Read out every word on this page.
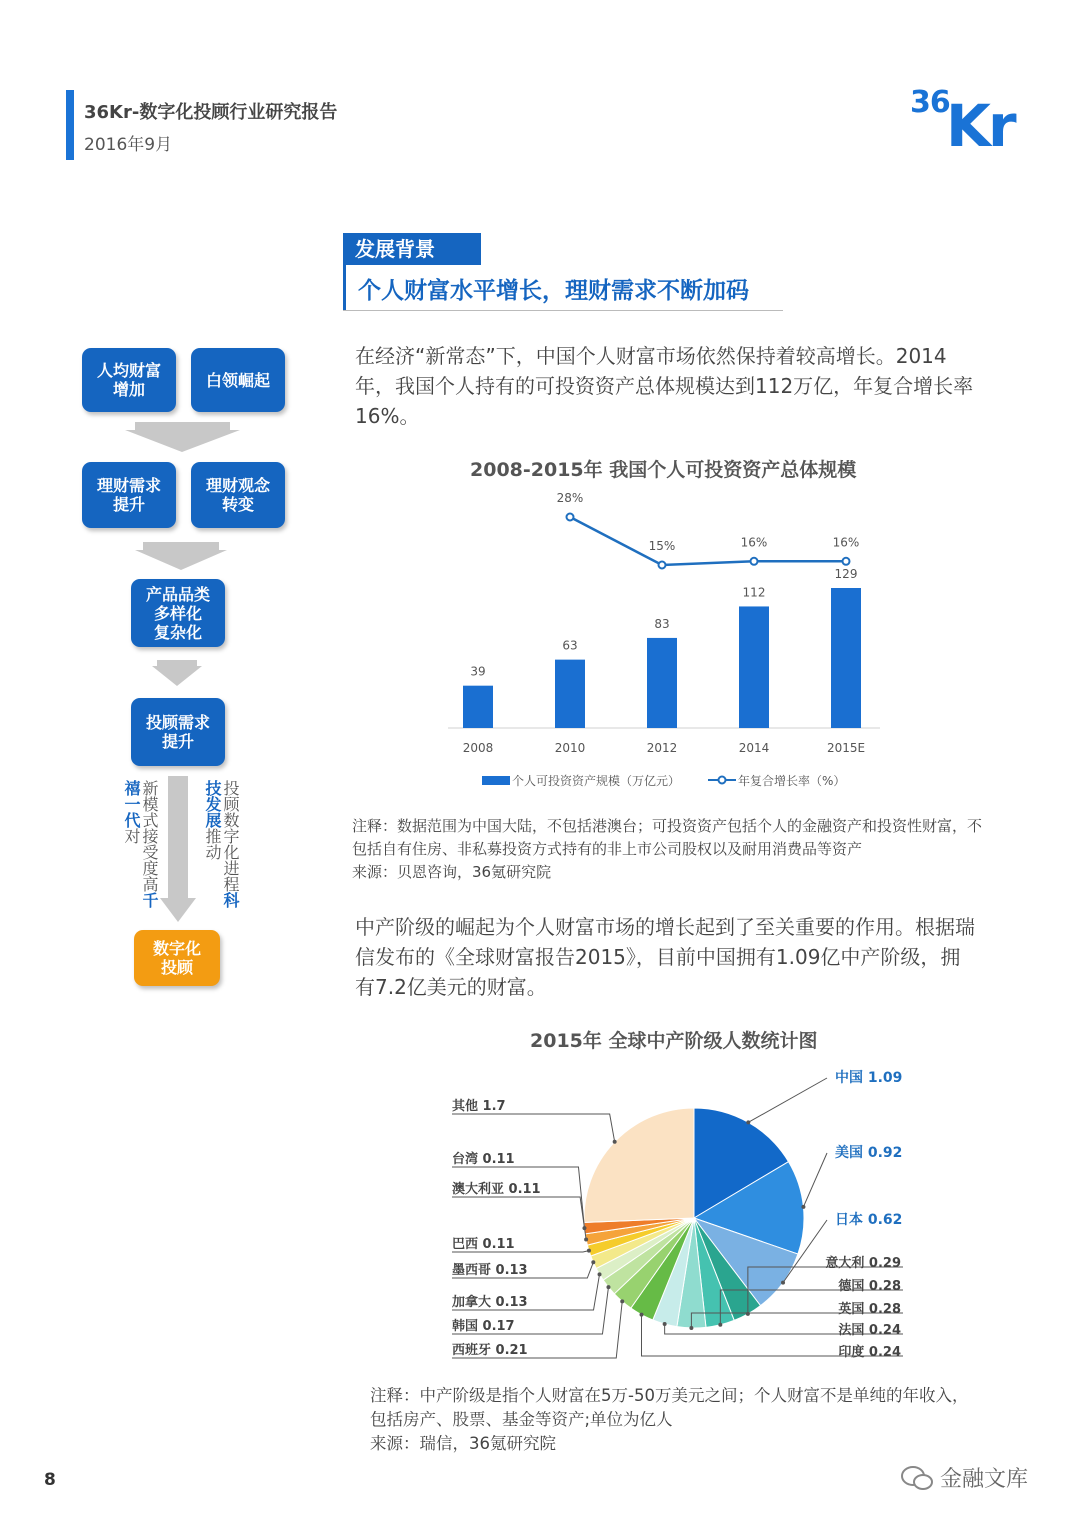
36Kr-数字化投顾行业研究报告
2016年9月
36
Kr
发展背景
个人财富水平增长，理财需求不断加码
人均财富
增加	白领崛起
理财需求
提升
理财观念
转变
产品品类
多样化
复杂化
投顾需求
提升
新模式接受度高千禧一代对	投顾数字化进程科技发展推动
数字化
投顾
在经济“新常态”下，中国个人财富市场依然保持着较高增长。2014年，我国个人持有的可投资资产总体规模达到112万亿，年复合增长率16%。
2008-2015年 我国个人可投资资产总体规模
39
2008
63
2010
83
2012
112
2014
129
2015E
28%
15%	16%	16%
个人可投资资产规模（万亿元）	年复合增长率（%）
注释：数据范围为中国大陆，不包括港澳台；可投资资产包括个人的金融资产和投资性财富，不包括自有住房、非私募投资方式持有的非上市公司股权以及耐用消费品等资产
来源：贝恩咨询，36氪研究院
中产阶级的崛起为个人财富市场的增长起到了至关重要的作用。根据瑞信发布的《全球财富报告2015》，目前中国拥有1.09亿中产阶级，拥有7.2亿美元的财富。
2015年 全球中产阶级人数统计图
中国 1.09
美国 0.92
日本 0.62
意大利 0.29
德国 0.28
英国 0.28
法国 0.24
印度 0.24
西班牙 0.21
韩国 0.17
加拿大 0.13
墨西哥 0.13
巴西 0.11
澳大利亚 0.11
台湾 0.11
其他 1.7
注释：中产阶级是指个人财富在5万-50万美元之间；个人财富不是单纯的年收入，包括房产、股票、基金等资产;单位为亿人
来源：瑞信，36氪研究院
8	金融文库
